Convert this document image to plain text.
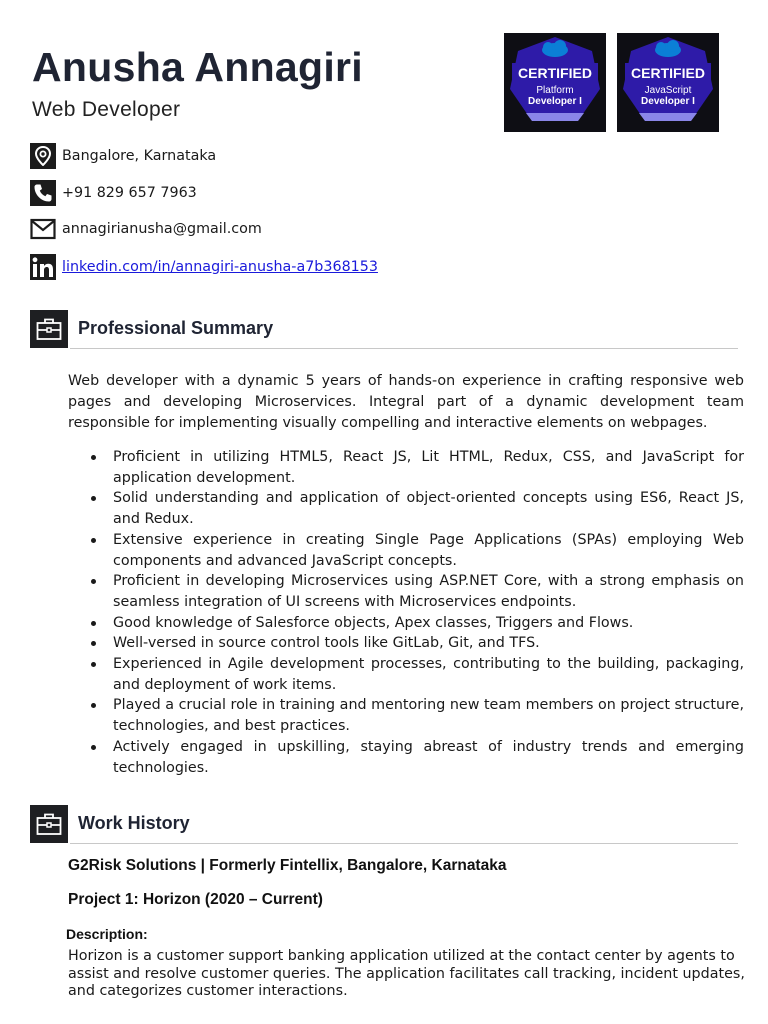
Anusha Annagiri
Web Developer
CERTIFIED
Platform
Developer I
CERTIFIED
JavaScript
Developer I
Bangalore, Karnataka
+91 829 657 7963
annagirianusha@gmail.com
linkedin.com/in/annagiri-anusha-a7b368153
Professional Summary

Web developer with a dynamic 5 years of hands-on experience in crafting responsive web pages and developing Microservices. Integral part of a dynamic development team responsible for implementing visually compelling and interactive elements on webpages.

Proficient in utilizing HTML5, React JS, Lit HTML, Redux, CSS, and JavaScript for application development.
Solid understanding and application of object-oriented concepts using ES6, React JS, and Redux.
Extensive experience in creating Single Page Applications (SPAs) employing Web components and advanced JavaScript concepts.
Proficient in developing Microservices using ASP.NET Core, with a strong emphasis on seamless integration of UI screens with Microservices endpoints.
Good knowledge of Salesforce objects, Apex classes, Triggers and Flows.
Well-versed in source control tools like GitLab, Git, and TFS.
Experienced in Agile development processes, contributing to the building, packaging, and deployment of work items.
Played a crucial role in training and mentoring new team members on project structure, technologies, and best practices.
Actively engaged in upskilling, staying abreast of industry trends and emerging technologies.
Work History
G2Risk Solutions | Formerly Fintellix, Bangalore, Karnataka
Project 1: Horizon (2020 – Current)
Description:

Horizon is a customer support banking application utilized at the contact center by agents to assist and resolve customer queries. The application facilitates call tracking, incident updates, and categorizes customer interactions.
